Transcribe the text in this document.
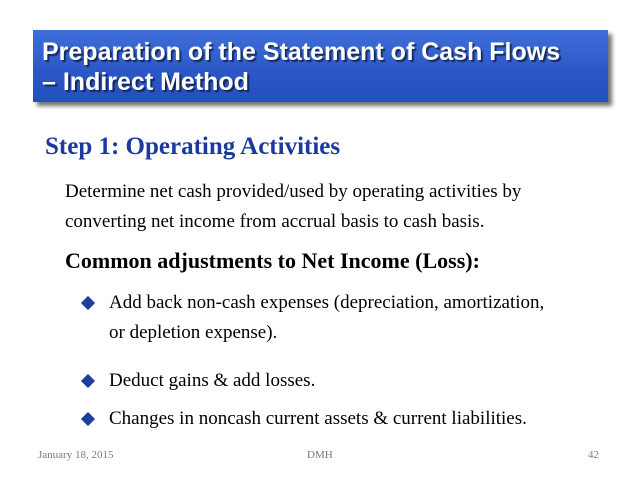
Preparation of the Statement of Cash Flows
– Indirect Method
Step 1: Operating Activities
Determine net cash provided/used by operating activities by
converting net income from accrual basis to cash basis.
Common adjustments to Net Income (Loss):
Add back non-cash expenses (depreciation, amortization,
or depletion expense).
Deduct gains & add losses.
Changes in noncash current assets & current liabilities.
January 18, 2015	DMH	42
